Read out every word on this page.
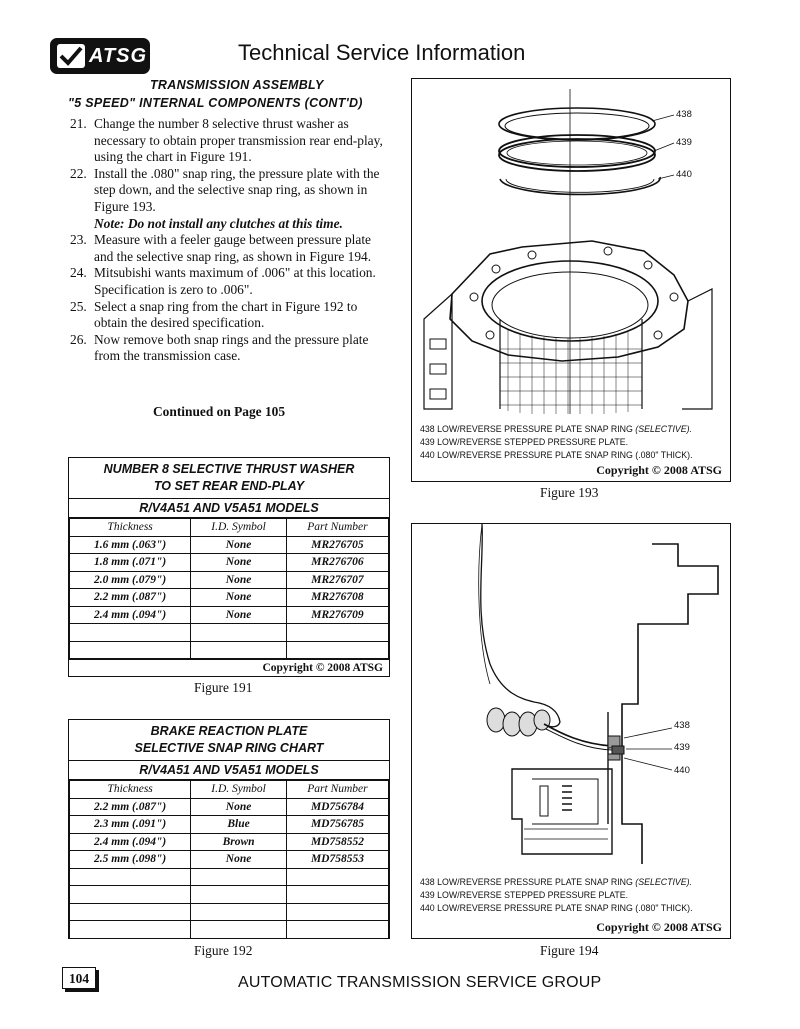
ATSG	Technical Service Information
TRANSMISSION ASSEMBLY
"5 SPEED" INTERNAL COMPONENTS (CONT'D)
21. Change the number 8 selective thrust washer as necessary to obtain proper transmission rear end-play, using the chart in Figure 191.
22. Install the .080" snap ring, the pressure plate with the step down, and the selective snap ring, as shown in Figure 193.
Note: Do not install any clutches at this time.
23. Measure with a feeler gauge between pressure plate and the selective snap ring, as shown in Figure 194.
24. Mitsubishi wants maximum of .006" at this location. Specification is zero to .006".
25. Select a snap ring from the chart in Figure 192 to obtain the desired specification.
26. Now remove both snap rings and the pressure plate from the transmission case.
Continued on Page 105
NUMBER 8 SELECTIVE THRUST WASHER
TO SET REAR END-PLAY
R/V4A51 AND V5A51 MODELS
Thickness	I.D. Symbol	Part Number
1.6 mm (.063")	None	MR276705
1.8 mm (.071")	None	MR276706
2.0 mm (.079")	None	MR276707
2.2 mm (.087")	None	MR276708
2.4 mm (.094")	None	MR276709

Copyright © 2008 ATSG
Figure 191
BRAKE REACTION PLATE
SELECTIVE SNAP RING CHART
R/V4A51 AND V5A51 MODELS
Thickness	I.D. Symbol	Part Number
2.2 mm (.087")	None	MD756784
2.3 mm (.091")	Blue	MD756785
2.4 mm (.094")	Brown	MD758552
2.5 mm (.098")	None	MD758553

Figure 192
438
439
440
438 LOW/REVERSE PRESSURE PLATE SNAP RING (SELECTIVE).
439 LOW/REVERSE STEPPED PRESSURE PLATE.
440 LOW/REVERSE PRESSURE PLATE SNAP RING (.080" THICK).
Copyright © 2008 ATSG
Figure 193
438
439
440
438 LOW/REVERSE PRESSURE PLATE SNAP RING (SELECTIVE).
439 LOW/REVERSE STEPPED PRESSURE PLATE.
440 LOW/REVERSE PRESSURE PLATE SNAP RING (.080" THICK).
Copyright © 2008 ATSG
Figure 194
104	AUTOMATIC TRANSMISSION SERVICE GROUP
